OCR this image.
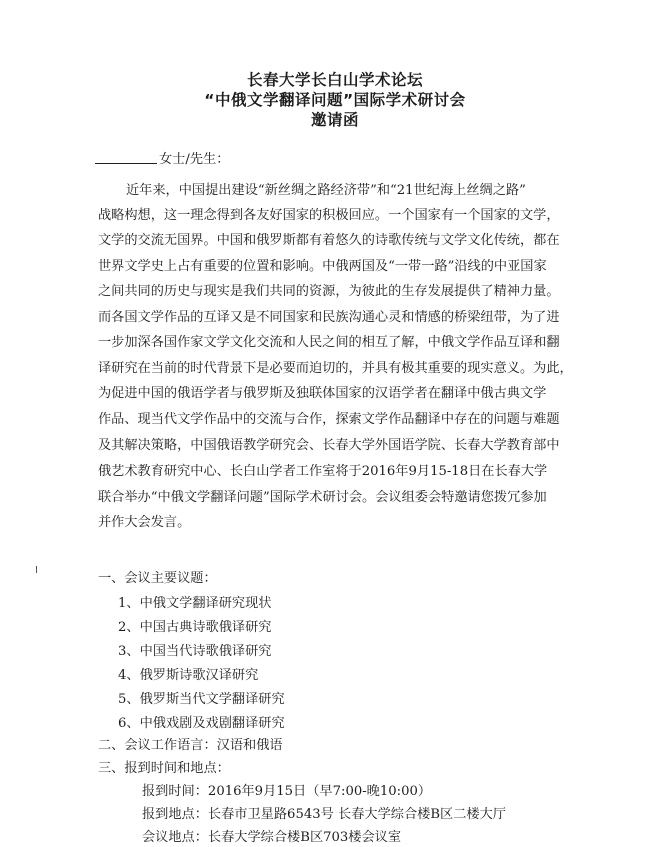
长春大学长白山学术论坛
“中俄文学翻译问题”国际学术研讨会
邀请函
女士/先生：
近年来，中国提出建设“新丝绸之路经济带”和“21世纪海上丝绸之路”
战略构想，这一理念得到各友好国家的积极回应。一个国家有一个国家的文学，
文学的交流无国界。中国和俄罗斯都有着悠久的诗歌传统与文学文化传统，都在
世界文学史上占有重要的位置和影响。中俄两国及“一带一路”沿线的中亚国家
之间共同的历史与现实是我们共同的资源，为彼此的生存发展提供了精神力量。
而各国文学作品的互译又是不同国家和民族沟通心灵和情感的桥梁纽带，为了进
一步加深各国作家文学文化交流和人民之间的相互了解，中俄文学作品互译和翻
译研究在当前的时代背景下是必要而迫切的，并具有极其重要的现实意义。为此，
为促进中国的俄语学者与俄罗斯及独联体国家的汉语学者在翻译中俄古典文学
作品、现当代文学作品中的交流与合作，探索文学作品翻译中存在的问题与难题
及其解决策略，中国俄语教学研究会、长春大学外国语学院、长春大学教育部中
俄艺术教育研究中心、长白山学者工作室将于2016年9月15-18日在长春大学
联合举办“中俄文学翻译问题”国际学术研讨会。会议组委会特邀请您拨冗参加
并作大会发言。
一、会议主要议题：
1、中俄文学翻译研究现状
2、中国古典诗歌俄译研究
3、中国当代诗歌俄译研究
4、俄罗斯诗歌汉译研究
5、俄罗斯当代文学翻译研究
6、中俄戏剧及戏剧翻译研究
二、会议工作语言：汉语和俄语
三、报到时间和地点：
报到时间：2016年9月15日（早7:00-晚10:00）
报到地点：长春市卫星路6543号 长春大学综合楼B区二楼大厅
会议地点：长春大学综合楼B区703楼会议室
